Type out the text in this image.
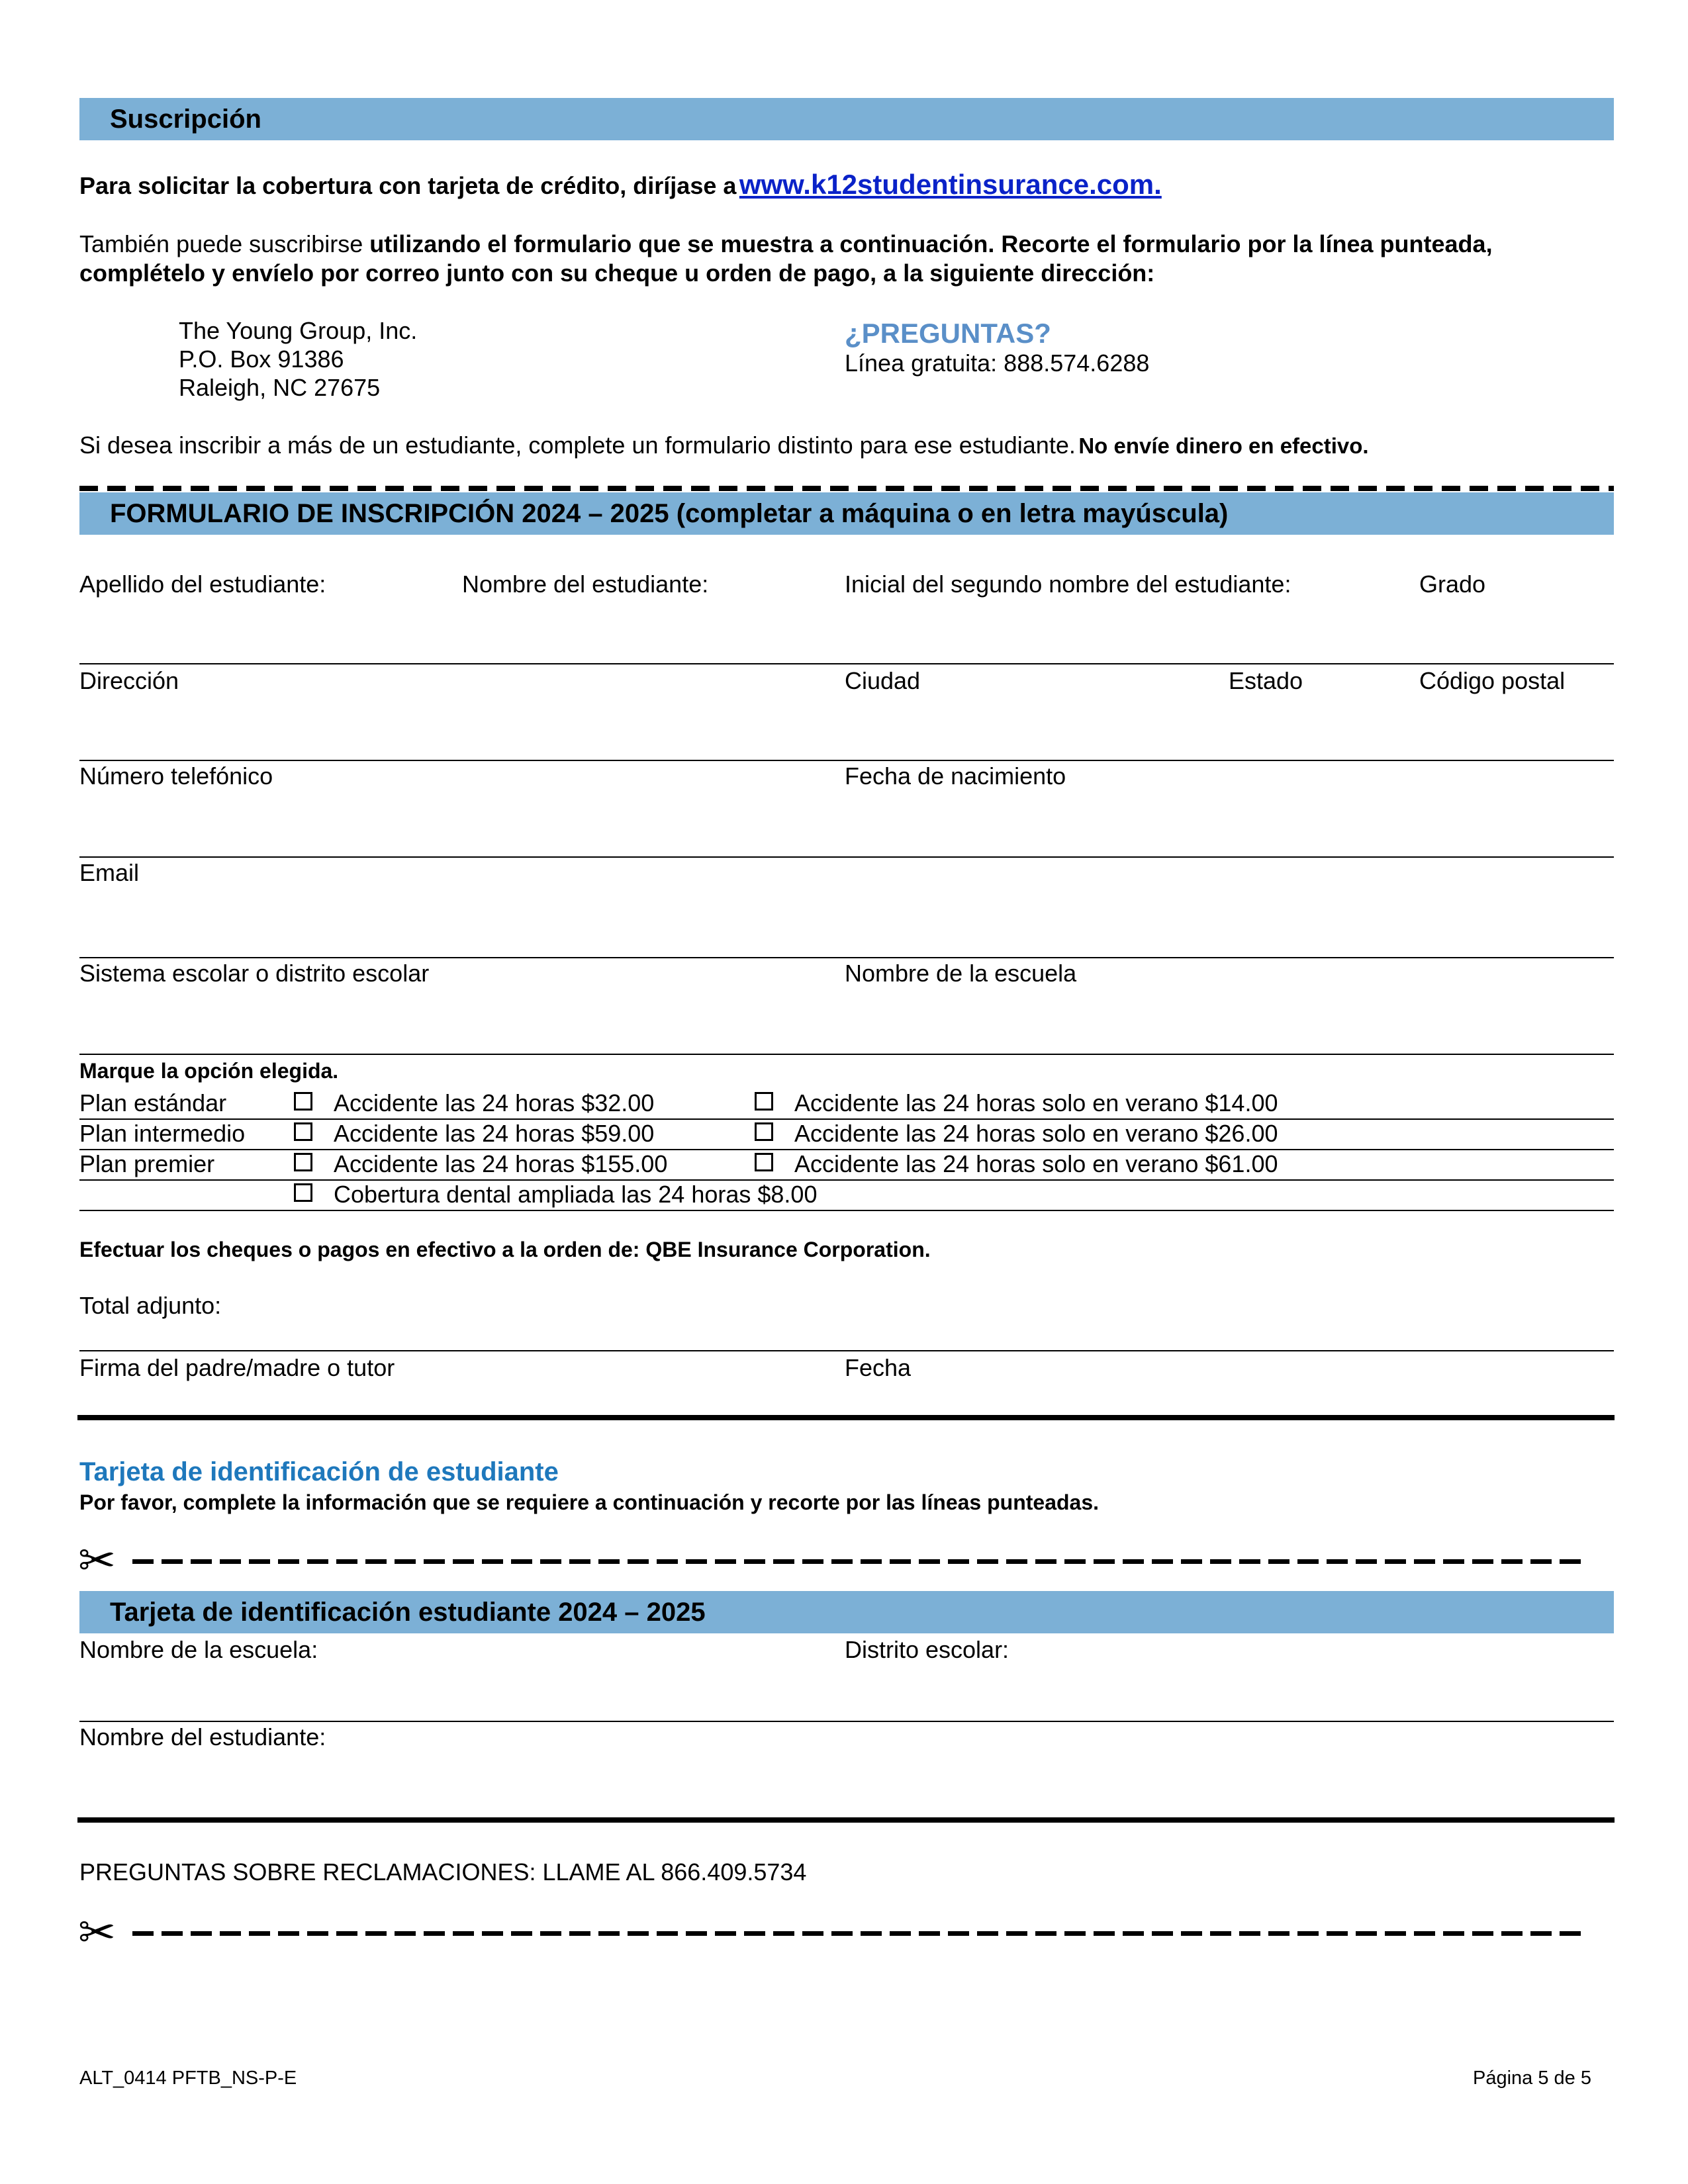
Suscripción
Para solicitar la cobertura con tarjeta de crédito, diríjase a www.k12studentinsurance.com.
También puede suscribirse utilizando el formulario que se muestra a continuación. Recorte el formulario por la línea punteada,
complételo y envíelo por correo junto con su cheque u orden de pago, a la siguiente dirección:
The Young Group, Inc.
P.O. Box 91386
Raleigh, NC 27675
¿PREGUNTAS?
Línea gratuita: 888.574.6288
Si desea inscribir a más de un estudiante, complete un formulario distinto para ese estudiante. No envíe dinero en efectivo.
FORMULARIO DE INSCRIPCIÓN 2024 – 2025 (completar a máquina o en letra mayúscula)
Apellido del estudiante:	Nombre del estudiante:	Inicial del segundo nombre del estudiante:	Grado
Dirección	Ciudad	Estado	Código postal
Número telefónico	Fecha de nacimiento
Email
Sistema escolar o distrito escolar	Nombre de la escuela
Marque la opción elegida.
Plan estándar	Accidente las 24 horas $32.00	Accidente las 24 horas solo en verano $14.00
Plan intermedio	Accidente las 24 horas $59.00	Accidente las 24 horas solo en verano $26.00
Plan premier	Accidente las 24 horas $155.00	Accidente las 24 horas solo en verano $61.00
Cobertura dental ampliada las 24 horas $8.00
Efectuar los cheques o pagos en efectivo a la orden de: QBE Insurance Corporation.
Total adjunto:
Firma del padre/madre o tutor	Fecha
Tarjeta de identificación de estudiante
Por favor, complete la información que se requiere a continuación y recorte por las líneas punteadas.
✂
Tarjeta de identificación estudiante 2024 – 2025
Nombre de la escuela:	Distrito escolar:
Nombre del estudiante:
PREGUNTAS SOBRE RECLAMACIONES: LLAME AL 866.409.5734
✂
ALT_0414 PFTB_NS-P-E	Página 5 de 5
